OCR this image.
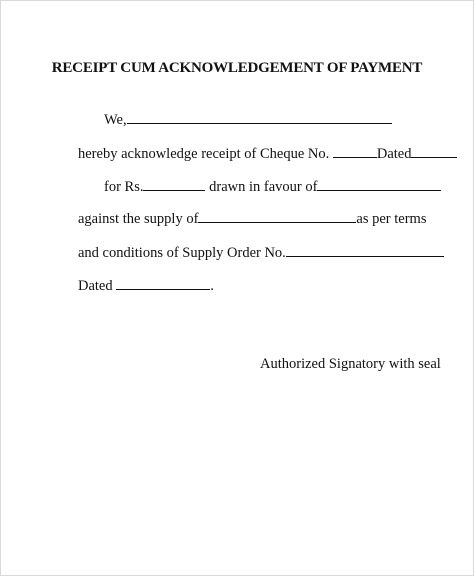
RECEIPT CUM ACKNOWLEDGEMENT OF PAYMENT
We,
hereby acknowledge receipt of Cheque No.	Dated
for Rs.	drawn in favour of
against the supply of	as per terms
and conditions of Supply Order No.
Dated	.
Authorized Signatory with seal
